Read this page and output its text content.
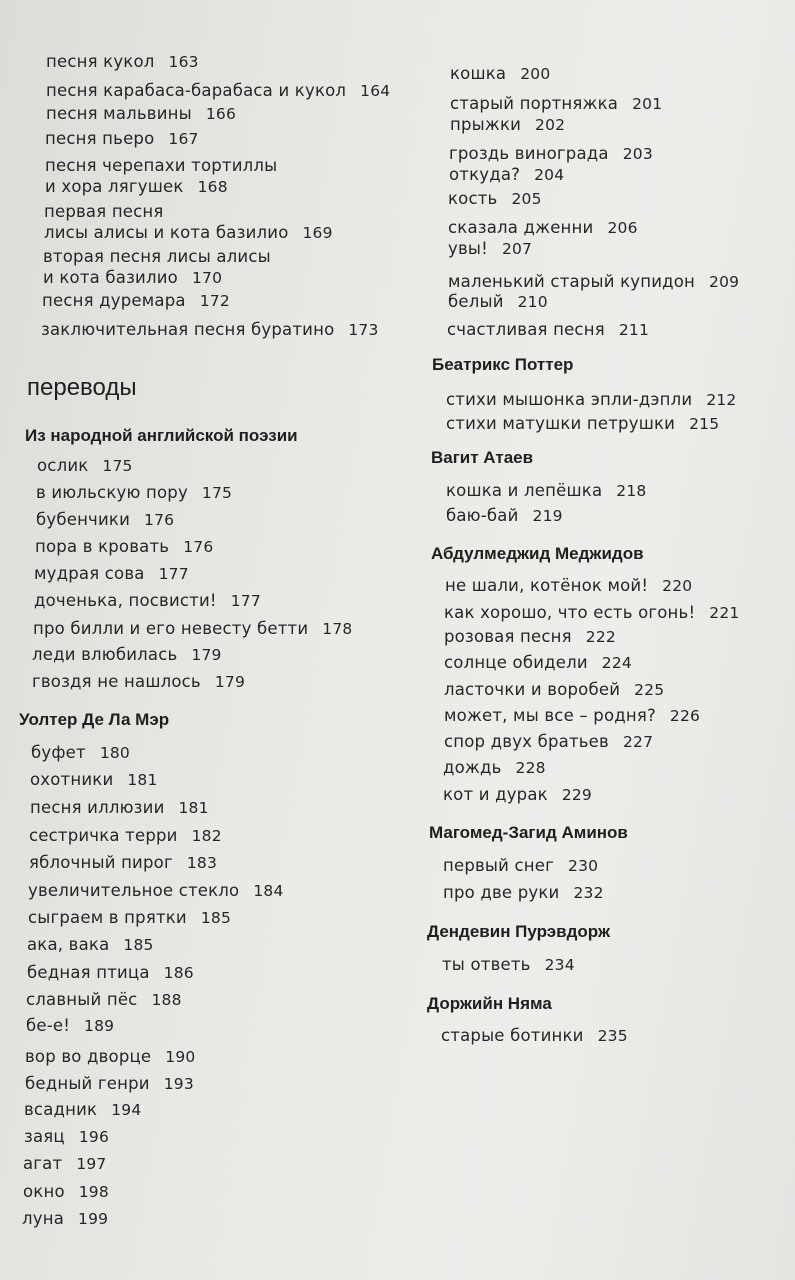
песня кукол 163
песня карабаса-барабаса и кукол 164
песня мальвины 166
песня пьеро 167
песня черепахи тортиллы
и хора лягушек 168
первая песня
лисы алисы и кота базилио 169
вторая песня лисы алисы
и кота базилио 170
песня дуремара 172
заключительная песня буратино 173
переводы
Из народной английской поэзии
ослик 175
в июльскую пору 175
бубенчики 176
пора в кровать 176
мудрая сова 177
доченька, посвисти! 177
про билли и его невесту бетти 178
леди влюбилась 179
гвоздя не нашлось 179
Уолтер Де Ла Мэр
буфет 180
охотники 181
песня иллюзии 181
сестричка терри 182
яблочный пирог 183
увеличительное стекло 184
сыграем в прятки 185
ака, вака 185
бедная птица 186
славный пёс 188
бе-е! 189
вор во дворце 190
бедный генри 193
всадник 194
заяц 196
агат 197
окно 198
луна 199
кошка 200
старый портняжка 201
прыжки 202
гроздь винограда 203
откуда? 204
кость 205
сказала дженни 206
увы! 207
маленький старый купидон 209
белый 210
счастливая песня 211
Беатрикс Поттер
стихи мышонка эпли-дэпли 212
стихи матушки петрушки 215
Вагит Атаев
кошка и лепёшка 218
баю-бай 219
Абдулмеджид Меджидов
не шали, котёнок мой! 220
как хорошо, что есть огонь! 221
розовая песня 222
солнце обидели 224
ласточки и воробей 225
может, мы все – родня? 226
спор двух братьев 227
дождь 228
кот и дурак 229
Магомед-Загид Аминов
первый снег 230
про две руки 232
Дендевин Пурэвдорж
ты ответь 234
Доржийн Няма
старые ботинки 235
